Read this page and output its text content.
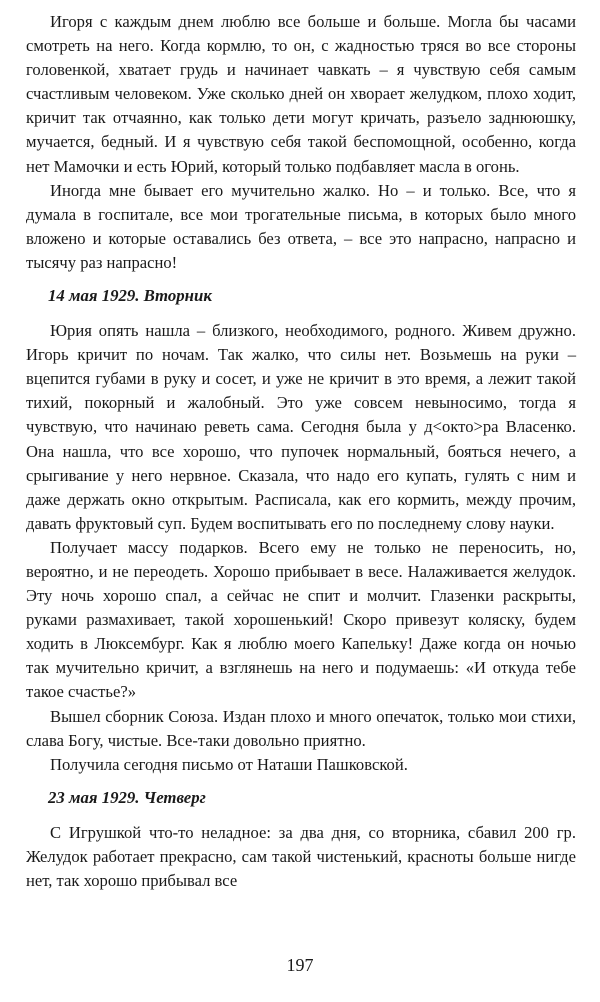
Игоря с каждым днем люблю все больше и больше. Могла бы часами смотреть на него. Когда кормлю, то он, с жадностью тряся во все стороны головенкой, хватает грудь и начинает чавкать – я чувствую себя самым счастливым человеком. Уже сколько дней он хворает желудком, плохо ходит, кричит так отчаянно, как только дети могут кричать, разъело заднююшку, мучается, бедный. И я чувствую себя такой беспомощной, особенно, когда нет Мамочки и есть Юрий, который только подбавляет масла в огонь.

Иногда мне бывает его мучительно жалко. Но – и только. Все, что я думала в госпитале, все мои трогательные письма, в которых было много вложено и которые оставались без ответа, – все это напрасно, напрасно и тысячу раз напрасно!

14 мая 1929. Вторник

Юрия опять нашла – близкого, необходимого, родного. Живем дружно. Игорь кричит по ночам. Так жалко, что силы нет. Возьмешь на руки – вцепится губами в руку и сосет, и уже не кричит в это время, а лежит такой тихий, покорный и жалобный. Это уже совсем невыносимо, тогда я чувствую, что начинаю реветь сама. Сегодня была у д<окто>ра Власенко. Она нашла, что все хорошо, что пупочек нормальный, бояться нечего, а срыгивание у него нервное. Сказала, что надо его купать, гулять с ним и даже держать окно открытым. Расписала, как его кормить, между прочим, давать фруктовый суп. Будем воспитывать его по последнему слову науки.

Получает массу подарков. Всего ему не только не переносить, но, вероятно, и не переодеть. Хорошо прибывает в весе. Налаживается желудок. Эту ночь хорошо спал, а сейчас не спит и молчит. Глазенки раскрыты, руками размахивает, такой хорошенький! Скоро привезут коляску, будем ходить в Люксембург. Как я люблю моего Капельку! Даже когда он ночью так мучительно кричит, а взглянешь на него и подумаешь: «И откуда тебе такое счастье?»

Вышел сборник Союза. Издан плохо и много опечаток, только мои стихи, слава Богу, чистые. Все-таки довольно приятно.

Получила сегодня письмо от Наташи Пашковской.

23 мая 1929. Четверг

С Игрушкой что-то неладное: за два дня, со вторника, сбавил 200 гр. Желудок работает прекрасно, сам такой чистенький, красноты больше нигде нет, так хорошо прибывал все

197
